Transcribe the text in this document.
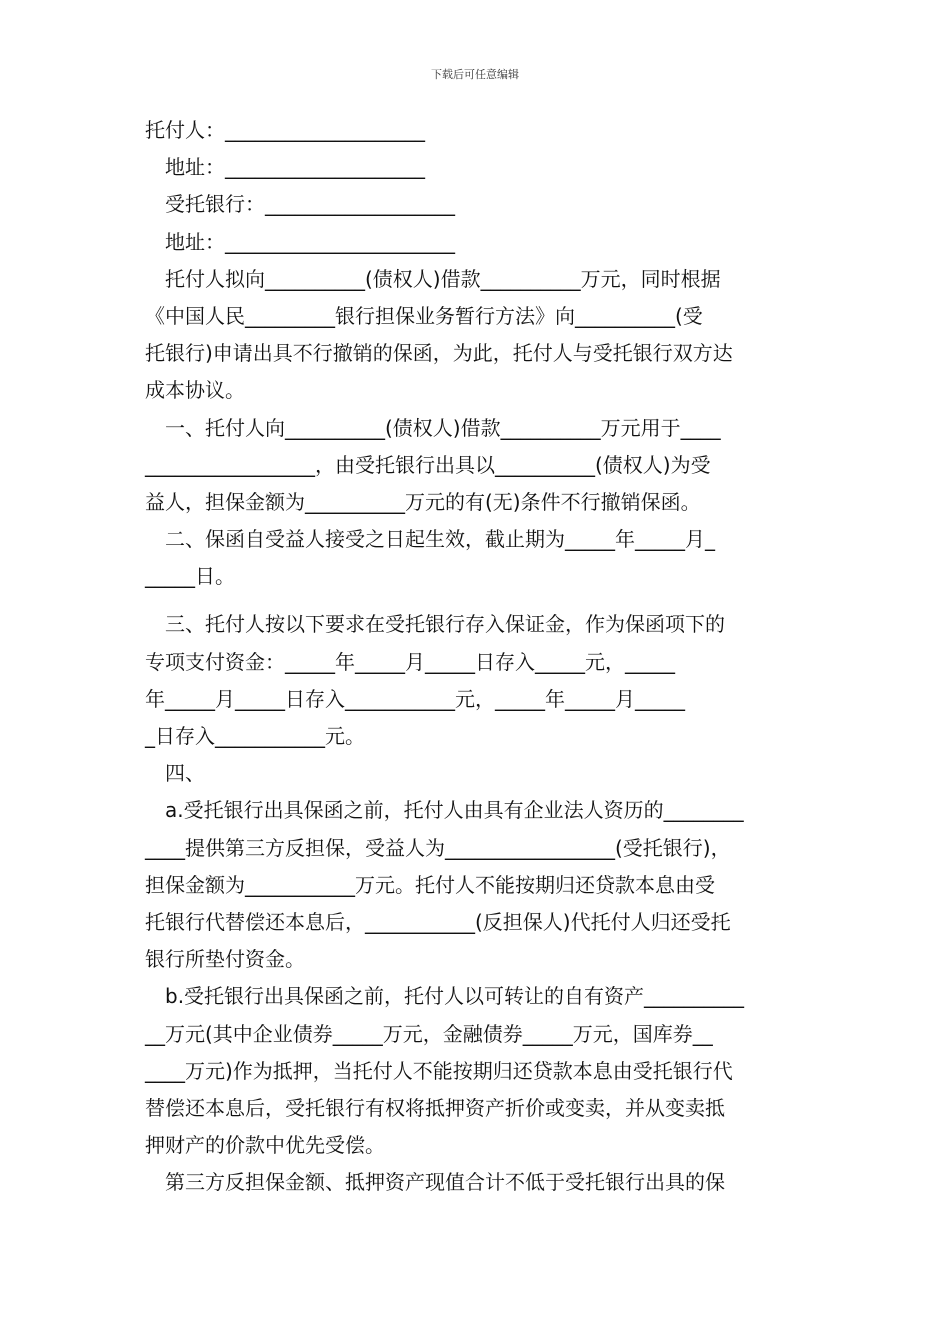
下载后可任意编辑
托付人：____________________
地址：____________________
受托银行：___________________
地址：_______________________
托付人拟向__________(债权人)借款__________万元，同时根据
《中国人民_________银行担保业务暂行方法》向__________(受
托银行)申请出具不行撤销的保函，为此，托付人与受托银行双方达
成本协议。
一、托付人向__________(债权人)借款__________万元用于____
_________________，由受托银行出具以__________(债权人)为受
益人，担保金额为__________万元的有(无)条件不行撤销保函。
二、保函自受益人接受之日起生效，截止期为_____年_____月_
_____日。
三、托付人按以下要求在受托银行存入保证金，作为保函项下的
专项支付资金：_____年_____月_____日存入_____元，_____
年_____月_____日存入___________元，_____年_____月_____
_日存入___________元。
四、
a.受托银行出具保函之前，托付人由具有企业法人资历的________
____提供第三方反担保，受益人为_________________(受托银行)，
担保金额为___________万元。托付人不能按期归还贷款本息由受
托银行代替偿还本息后，___________(反担保人)代托付人归还受托
银行所垫付资金。
b.受托银行出具保函之前，托付人以可转让的自有资产__________
__万元(其中企业债券_____万元，金融债券_____万元，国库券__
____万元)作为抵押，当托付人不能按期归还贷款本息由受托银行代
替偿还本息后，受托银行有权将抵押资产折价或变卖，并从变卖抵
押财产的价款中优先受偿。
第三方反担保金额、抵押资产现值合计不低于受托银行出具的保
